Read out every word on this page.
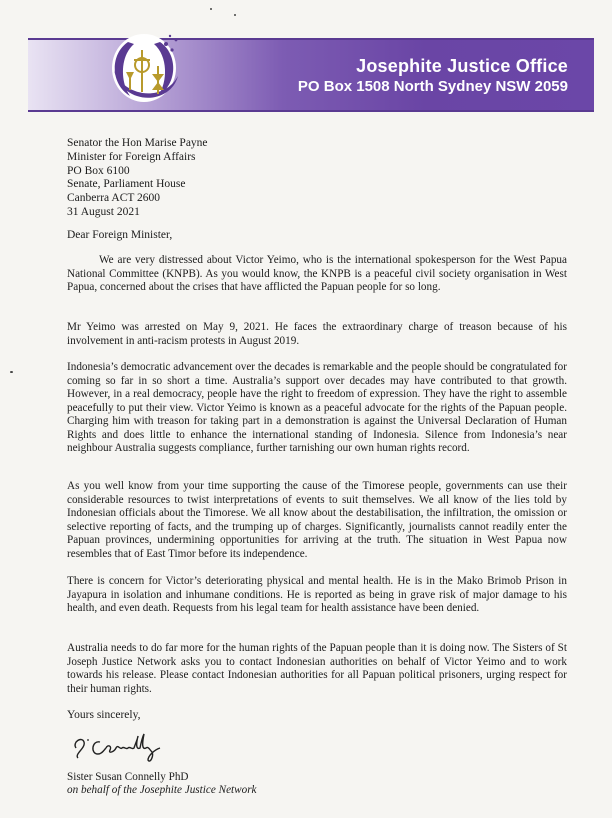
Josephite Justice Office
PO Box 1508 North Sydney NSW 2059
Senator the Hon Marise Payne
Minister for Foreign Affairs
PO Box 6100
Senate, Parliament House
Canberra ACT 2600
31 August 2021
Dear Foreign Minister,

We are very distressed about Victor Yeimo, who is the international spokesperson for the West Papua National Committee (KNPB). As you would know, the KNPB is a peaceful civil society organisation in West Papua, concerned about the crises that have afflicted the Papuan people for so long.

Mr Yeimo was arrested on May 9, 2021. He faces the extraordinary charge of treason because of his involvement in anti-racism protests in August 2019.

Indonesia’s democratic advancement over the decades is remarkable and the people should be congratulated for coming so far in so short a time. Australia’s support over decades may have contributed to that growth. However, in a real democracy, people have the right to freedom of expression. They have the right to assemble peacefully to put their view. Victor Yeimo is known as a peaceful advocate for the rights of the Papuan people. Charging him with treason for taking part in a demonstration is against the Universal Declaration of Human Rights and does little to enhance the international standing of Indonesia. Silence from Indonesia’s near neighbour Australia suggests compliance, further tarnishing our own human rights record.

As you well know from your time supporting the cause of the Timorese people, governments can use their considerable resources to twist interpretations of events to suit themselves. We all know of the lies told by Indonesian officials about the Timorese. We all know about the destabilisation, the infiltration, the omission or selective reporting of facts, and the trumping up of charges. Significantly, journalists cannot readily enter the Papuan provinces, undermining opportunities for arriving at the truth. The situation in West Papua now resembles that of East Timor before its independence.

There is concern for Victor’s deteriorating physical and mental health. He is in the Mako Brimob Prison in Jayapura in isolation and inhumane conditions. He is reported as being in grave risk of major damage to his health, and even death. Requests from his legal team for health assistance have been denied.

Australia needs to do far more for the human rights of the Papuan people than it is doing now. The Sisters of St Joseph Justice Network asks you to contact Indonesian authorities on behalf of Victor Yeimo and to work towards his release. Please contact Indonesian authorities for all Papuan political prisoners, urging respect for their human rights.

Yours sincerely,
Sister Susan Connelly PhD
on behalf of the Josephite Justice Network
